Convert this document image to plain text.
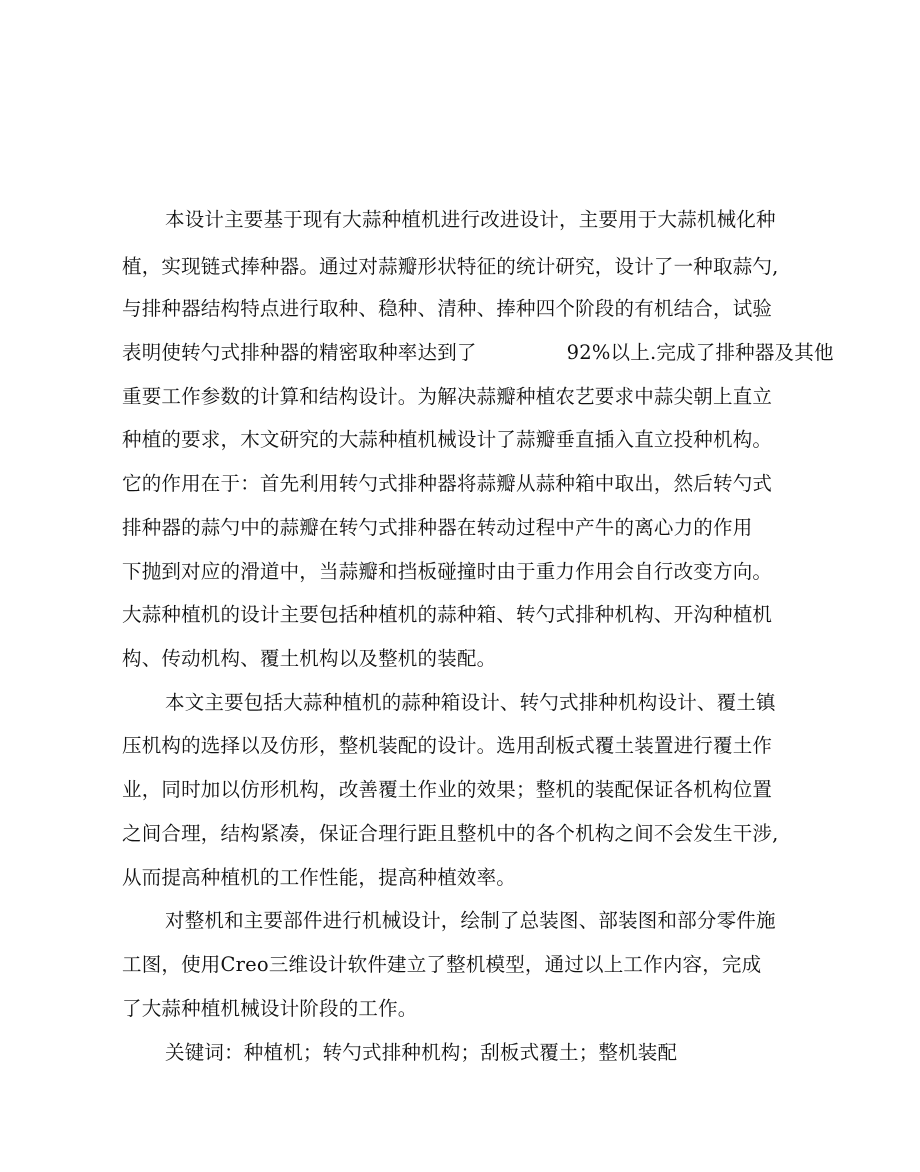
本设计主要基于现有大蒜种植机进行改进设计，主要用于大蒜机械化种
植，实现链式捧种器。通过对蒜瓣形状特征的统计研究，设计了一种取蒜勺,
与排种器结构特点进行取种、稳种、清种、捧种四个阶段的有机结合，试验
表明使转勺式排种器的精密取种率达到了	92%以上.完成了排种器及其他
重要工作参数的计算和结构设计。为解决蒜瓣种植农艺要求中蒜尖朝上直立
种植的要求，木文研究的大蒜种植机械设计了蒜瓣垂直插入直立投种机构。
它的作用在于：首先利用转勺式排种器将蒜瓣从蒜种箱中取出，然后转勺式
排种器的蒜勺中的蒜瓣在转勺式排种器在转动过程中产牛的离心力的作用
下抛到对应的滑道中，当蒜瓣和挡板碰撞时由于重力作用会自行改变方向。
大蒜种植机的设计主要包括种植机的蒜种箱、转勺式排种机构、开沟种植机
构、传动机构、覆土机构以及整机的装配。
本文主要包括大蒜种植机的蒜种箱设计、转勺式排种机构设计、覆土镇
压机构的选择以及仿形，整机装配的设计。选用刮板式覆土装置进行覆土作
业，同时加以仿形机构，改善覆土作业的效果；整机的装配保证各机构位置
之间合理，结构紧凑，保证合理行距且整机中的各个机构之间不会发生干涉,
从而提高种植机的工作性能，提高种植效率。
对整机和主要部件进行机械设计，绘制了总装图、部装图和部分零件施
工图，使用Creo三维设计软件建立了整机模型，通过以上工作内容，完成
了大蒜种植机械设计阶段的工作。
关键词：种植机；转勺式排种机构；刮板式覆土；整机装配
